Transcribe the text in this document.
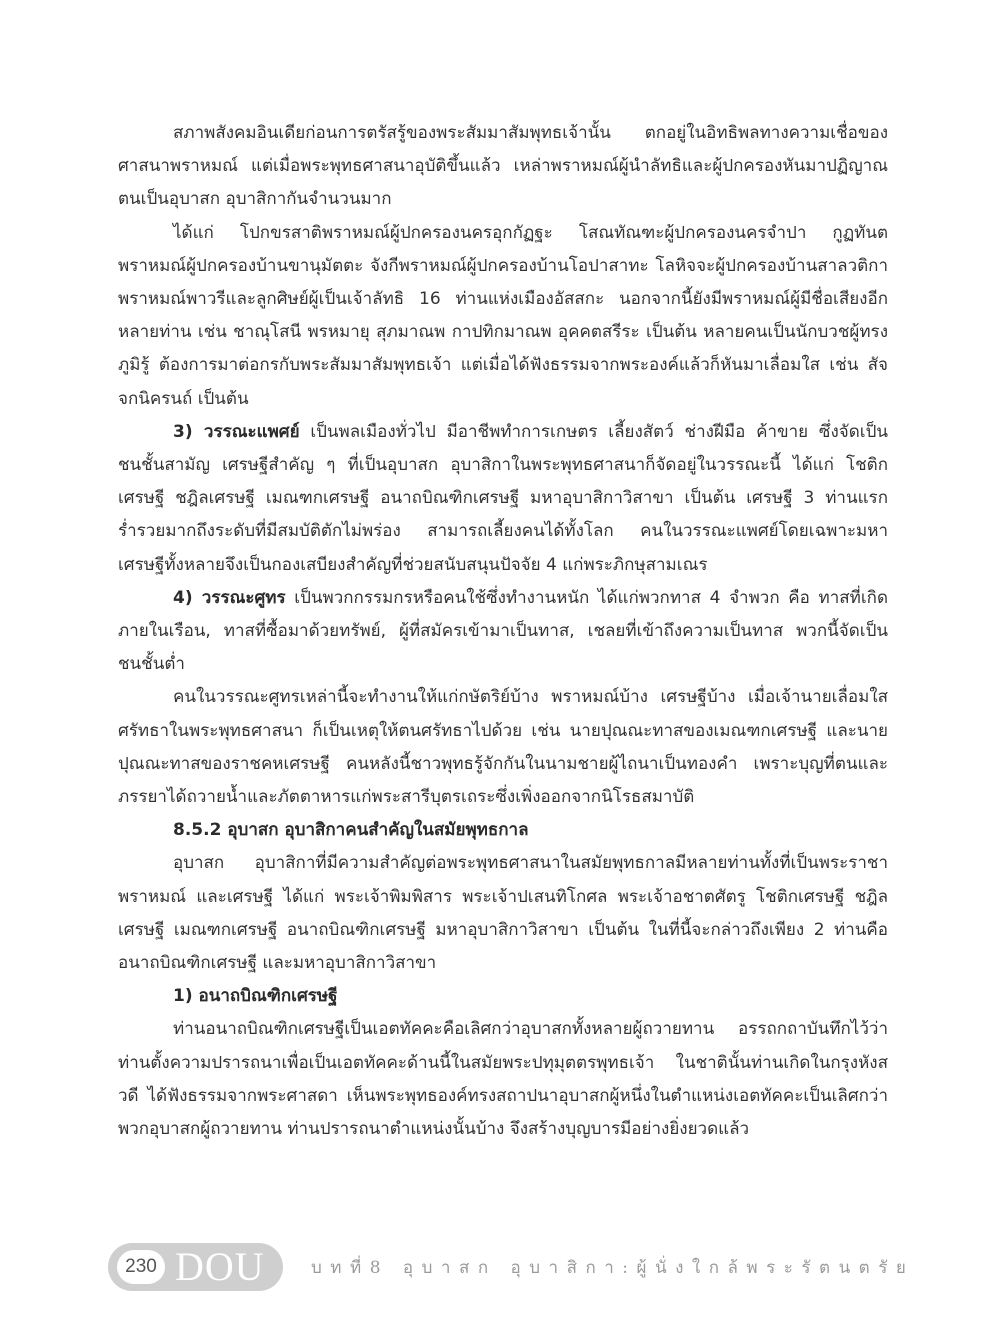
สภาพสังคมอินเดียก่อนการตรัสรู้ของพระสัมมาสัมพุทธเจ้านั้น ตกอยู่ในอิทธิพลทางความเชื่อของศาสนาพราหมณ์ แต่เมื่อพระพุทธศาสนาอุบัติขึ้นแล้ว เหล่าพราหมณ์ผู้นำลัทธิและผู้ปกครองหันมาปฏิญาณตนเป็นอุบาสก อุบาสิกากันจำนวนมาก

ได้แก่ โปกขรสาติพราหมณ์ผู้ปกครองนครอุกกัฏฐะ โสณทัณฑะผู้ปกครองนครจำปา กูฏทันตพราหมณ์ผู้ปกครองบ้านขานุมัตตะ จังกีพราหมณ์ผู้ปกครองบ้านโอปาสาทะ โลหิจจะผู้ปกครองบ้านสาลวติกา พราหมณ์พาวรีและลูกศิษย์ผู้เป็นเจ้าลัทธิ 16 ท่านแห่งเมืองอัสสกะ นอกจากนี้ยังมีพราหมณ์ผู้มีชื่อเสียงอีกหลายท่าน เช่น ชาณุโสนี พรหมายุ สุภมาณพ กาปทิกมาณพ อุคคตสรีระ เป็นต้น หลายคนเป็นนักบวชผู้ทรงภูมิรู้ ต้องการมาต่อกรกับพระสัมมาสัมพุทธเจ้า แต่เมื่อได้ฟังธรรมจากพระองค์แล้วก็หันมาเลื่อมใส เช่น สัจจกนิครนถ์ เป็นต้น

3) วรรณะแพศย์ เป็นพลเมืองทั่วไป มีอาชีพทำการเกษตร เลี้ยงสัตว์ ช่างฝีมือ ค้าขาย ซึ่งจัดเป็นชนชั้นสามัญ เศรษฐีสำคัญ ๆ ที่เป็นอุบาสก อุบาสิกาในพระพุทธศาสนาก็จัดอยู่ในวรรณะนี้ ได้แก่ โชติกเศรษฐี ชฎิลเศรษฐี เมณฑกเศรษฐี อนาถบิณฑิกเศรษฐี มหาอุบาสิกาวิสาขา เป็นต้น เศรษฐี 3 ท่านแรกร่ำรวยมากถึงระดับที่มีสมบัติตักไม่พร่อง สามารถเลี้ยงคนได้ทั้งโลก คนในวรรณะแพศย์โดยเฉพาะมหาเศรษฐีทั้งหลายจึงเป็นกองเสบียงสำคัญที่ช่วยสนับสนุนปัจจัย 4 แก่พระภิกษุสามเณร

4) วรรณะศูทร เป็นพวกกรรมกรหรือคนใช้ซึ่งทำงานหนัก ได้แก่พวกทาส 4 จำพวก คือ ทาสที่เกิดภายในเรือน, ทาสที่ซื้อมาด้วยทรัพย์, ผู้ที่สมัครเข้ามาเป็นทาส, เชลยที่เข้าถึงความเป็นทาส พวกนี้จัดเป็นชนชั้นต่ำ

คนในวรรณะศูทรเหล่านี้จะทำงานให้แก่กษัตริย์บ้าง พราหมณ์บ้าง เศรษฐีบ้าง เมื่อเจ้านายเลื่อมใสศรัทธาในพระพุทธศาสนา ก็เป็นเหตุให้ตนศรัทธาไปด้วย เช่น นายปุณณะทาสของเมณฑกเศรษฐี และนายปุณณะทาสของราชคหเศรษฐี คนหลังนี้ชาวพุทธรู้จักกันในนามชายผู้ไถนาเป็นทองคำ เพราะบุญที่ตนและภรรยาได้ถวายน้ำและภัตตาหารแก่พระสารีบุตรเถระซึ่งเพิ่งออกจากนิโรธสมาบัติ

8.5.2 อุบาสก อุบาสิกาคนสำคัญในสมัยพุทธกาล

อุบาสก อุบาสิกาที่มีความสำคัญต่อพระพุทธศาสนาในสมัยพุทธกาลมีหลายท่านทั้งที่เป็นพระราชา พราหมณ์ และเศรษฐี ได้แก่ พระเจ้าพิมพิสาร พระเจ้าปเสนทิโกศล พระเจ้าอชาตศัตรู โชติกเศรษฐี ชฎิลเศรษฐี เมณฑกเศรษฐี อนาถบิณฑิกเศรษฐี มหาอุบาสิกาวิสาขา เป็นต้น ในที่นี้จะกล่าวถึงเพียง 2 ท่านคือ อนาถบิณฑิกเศรษฐี และมหาอุบาสิกาวิสาขา

1) อนาถบิณฑิกเศรษฐี

ท่านอนาถบิณฑิกเศรษฐีเป็นเอตทัคคะคือเลิศกว่าอุบาสกทั้งหลายผู้ถวายทาน อรรถกถาบันทึกไว้ว่า ท่านตั้งความปรารถนาเพื่อเป็นเอตทัคคะด้านนี้ในสมัยพระปทุมุตตรพุทธเจ้า ในชาตินั้นท่านเกิดในกรุงหังสวดี ได้ฟังธรรมจากพระศาสดา เห็นพระพุทธองค์ทรงสถาปนาอุบาสกผู้หนึ่งในตำแหน่งเอตทัคคะเป็นเลิศกว่าพวกอุบาสกผู้ถวายทาน ท่านปรารถนาตำแหน่งนั้นบ้าง จึงสร้างบุญบารมีอย่างยิ่งยวดแล้ว

230 DOU	บทที่8 อุบาสก อุบาสิกา:ผู้นั่งใกล้พระรัตนตรัย
